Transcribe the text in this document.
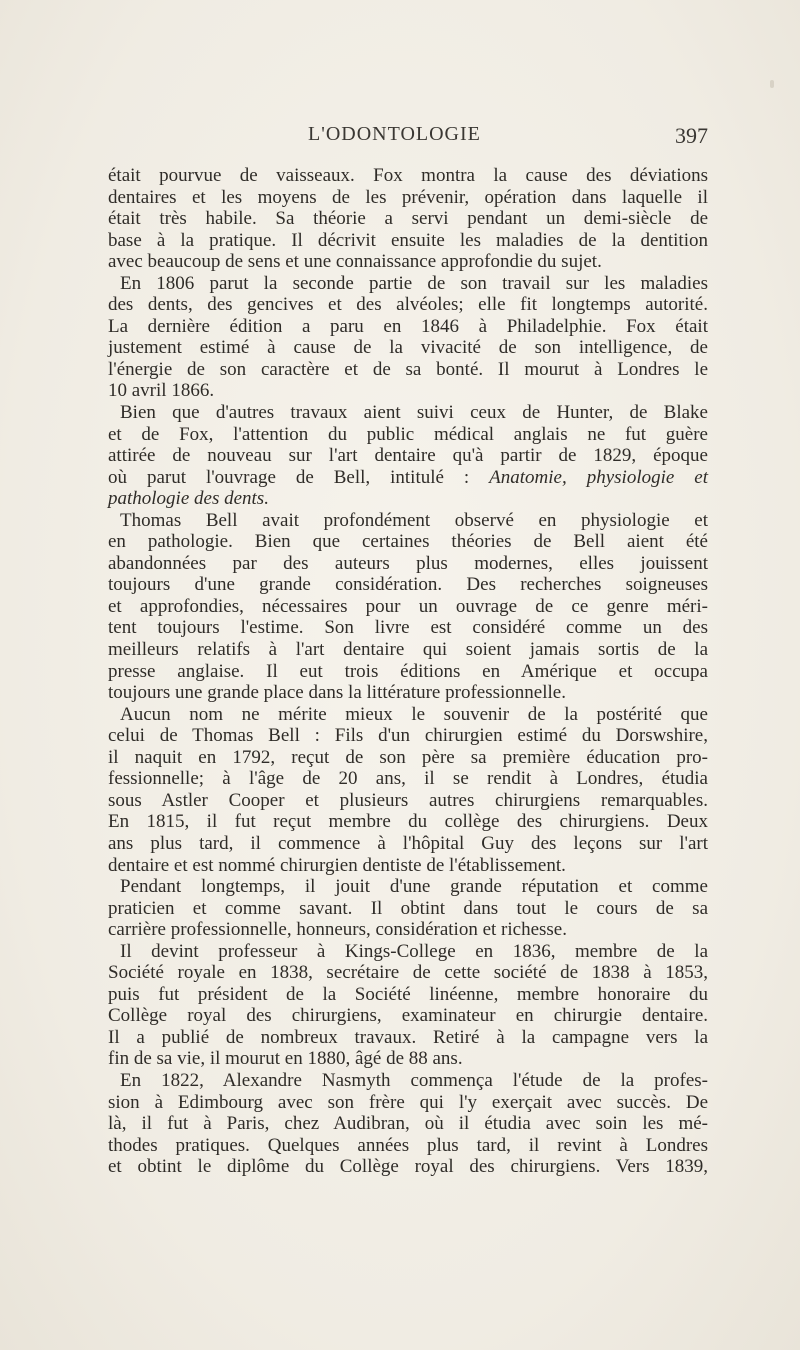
L'ODONTOLOGIE	397
était pourvue de vaisseaux. Fox montra la cause des déviations
dentaires et les moyens de les prévenir, opération dans laquelle il
était très habile. Sa théorie a servi pendant un demi-siècle de
base à la pratique. Il décrivit ensuite les maladies de la dentition
avec beaucoup de sens et une connaissance approfondie du sujet.
En 1806 parut la seconde partie de son travail sur les maladies
des dents, des gencives et des alvéoles; elle fit longtemps autorité.
La dernière édition a paru en 1846 à Philadelphie. Fox était
justement estimé à cause de la vivacité de son intelligence, de
l'énergie de son caractère et de sa bonté. Il mourut à Londres le
10 avril 1866.
Bien que d'autres travaux aient suivi ceux de Hunter, de Blake
et de Fox, l'attention du public médical anglais ne fut guère
attirée de nouveau sur l'art dentaire qu'à partir de 1829, époque
où parut l'ouvrage de Bell, intitulé : Anatomie, physiologie et
pathologie des dents.
Thomas Bell avait profondément observé en physiologie et
en pathologie. Bien que certaines théories de Bell aient été
abandonnées par des auteurs plus modernes, elles jouissent
toujours d'une grande considération. Des recherches soigneuses
et approfondies, nécessaires pour un ouvrage de ce genre méri-
tent toujours l'estime. Son livre est considéré comme un des
meilleurs relatifs à l'art dentaire qui soient jamais sortis de la
presse anglaise. Il eut trois éditions en Amérique et occupa
toujours une grande place dans la littérature professionnelle.
Aucun nom ne mérite mieux le souvenir de la postérité que
celui de Thomas Bell : Fils d'un chirurgien estimé du Dorswshire,
il naquit en 1792, reçut de son père sa première éducation pro-
fessionnelle; à l'âge de 20 ans, il se rendit à Londres, étudia
sous Astler Cooper et plusieurs autres chirurgiens remarquables.
En 1815, il fut reçut membre du collège des chirurgiens. Deux
ans plus tard, il commence à l'hôpital Guy des leçons sur l'art
dentaire et est nommé chirurgien dentiste de l'établissement.
Pendant longtemps, il jouit d'une grande réputation et comme
praticien et comme savant. Il obtint dans tout le cours de sa
carrière professionnelle, honneurs, considération et richesse.
Il devint professeur à Kings-College en 1836, membre de la
Société royale en 1838, secrétaire de cette société de 1838 à 1853,
puis fut président de la Société linéenne, membre honoraire du
Collège royal des chirurgiens, examinateur en chirurgie dentaire.
Il a publié de nombreux travaux. Retiré à la campagne vers la
fin de sa vie, il mourut en 1880, âgé de 88 ans.
En 1822, Alexandre Nasmyth commença l'étude de la profes-
sion à Edimbourg avec son frère qui l'y exerçait avec succès. De
là, il fut à Paris, chez Audibran, où il étudia avec soin les mé-
thodes pratiques. Quelques années plus tard, il revint à Londres
et obtint le diplôme du Collège royal des chirurgiens. Vers 1839,
